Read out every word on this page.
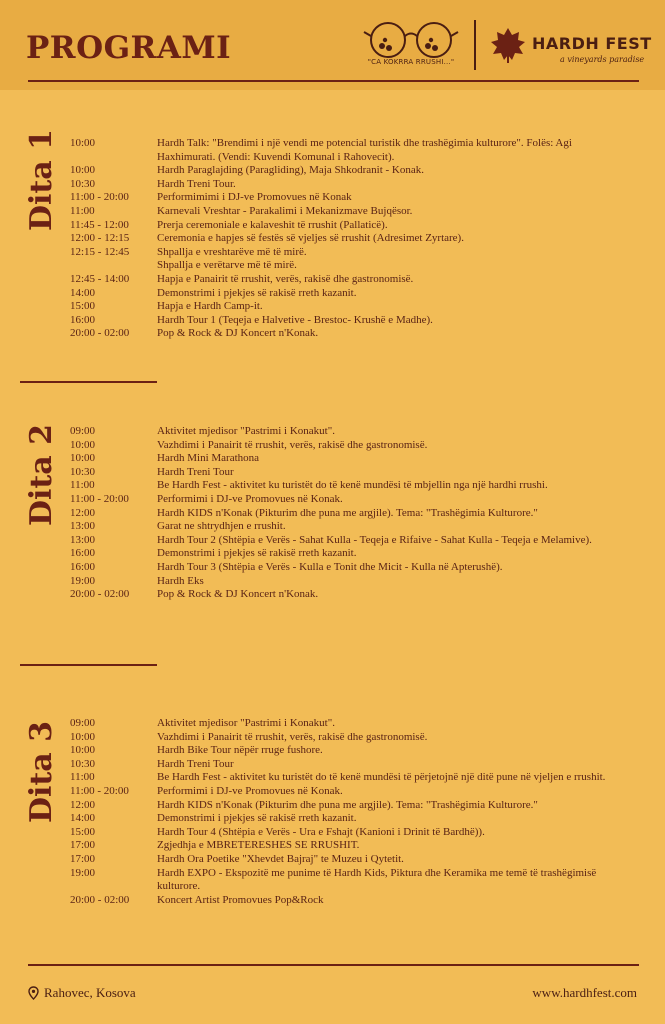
PROGRAMI	"CA KOKRRA RRUSHI..."
HARDH FEST
a vineyards paradise
Dita 1 10:00	Hardh Talk: "Brendimi i një vendi me potencial turistik dhe trashëgimia kulturore". Folës: Agi Haxhimurati. (Vendi: Kuvendi Komunal i Rahovecit).
10:00	Hardh Paraglajding (Paragliding), Maja Shkodranit - Konak.
10:30	Hardh Treni Tour.
11:00 - 20:00	Performimimi i DJ-ve Promovues në Konak
11:00	Karnevali Vreshtar - Parakalimi i Mekanizmave Bujqësor.
11:45 - 12:00	Prerja ceremoniale e kalaveshit të rrushit (Pallaticë).
12:00 - 12:15	Ceremonia e hapjes së festës së vjeljes së rrushit (Adresimet Zyrtare).
12:15 - 12:45	Shpallja e vreshtarëve më të mirë.
Shpallja e verëtarve më të mirë.
12:45 - 14:00	Hapja e Panairit të rrushit, verës, rakisë dhe gastronomisë.
14:00	Demonstrimi i pjekjes së rakisë rreth kazanit.
15:00	Hapja e Hardh Camp-it.
16:00	Hardh Tour 1 (Teqeja e Halvetive - Brestoc- Krushë e Madhe).
20:00 - 02:00	Pop & Rock & DJ Koncert n'Konak.
Dita 2 09:00	Aktivitet mjedisor "Pastrimi i Konakut".
10:00	Vazhdimi i Panairit të rrushit, verës, rakisë dhe gastronomisë.
10:00	Hardh Mini Marathona
10:30	Hardh Treni Tour
11:00	Be Hardh Fest - aktivitet ku turistët do të kenë mundësi të mbjellin nga një hardhi rrushi.
11:00 - 20:00	Performimi i DJ-ve Promovues në Konak.
12:00	Hardh KIDS n'Konak (Pikturim dhe puna me argjile). Tema: "Trashëgimia Kulturore."
13:00	Garat ne shtrydhjen e rrushit.
13:00	Hardh Tour 2 (Shtëpia e Verës - Sahat Kulla - Teqeja e Rifaive - Sahat Kulla - Teqeja e Melamive).
16:00	Demonstrimi i pjekjes së rakisë rreth kazanit.
16:00	Hardh Tour 3 (Shtëpia e Verës - Kulla e Tonit dhe Micit - Kulla në Apterushë).
19:00	Hardh Eks
20:00 - 02:00	Pop & Rock & DJ Koncert n'Konak.
Dita 3 09:00	Aktivitet mjedisor "Pastrimi i Konakut".
10:00	Vazhdimi i Panairit të rrushit, verës, rakisë dhe gastronomisë.
10:00	Hardh Bike Tour nëpër rruge fushore.
10:30	Hardh Treni Tour
11:00	Be Hardh Fest - aktivitet ku turistët do të kenë mundësi të përjetojnë një ditë pune në vjeljen e rrushit.
11:00 - 20:00	Performimi i DJ-ve Promovues në Konak.
12:00	Hardh KIDS n'Konak (Pikturim dhe puna me argjile). Tema: "Trashëgimia Kulturore."
14:00	Demonstrimi i pjekjes së rakisë rreth kazanit.
15:00	Hardh Tour 4 (Shtëpia e Verës - Ura e Fshajt (Kanioni i Drinit të Bardhë)).
17:00	Zgjedhja e MBRETERESHES SE RRUSHIT.
17:00	Hardh Ora Poetike "Xhevdet Bajraj" te Muzeu i Qytetit.
19:00	Hardh EXPO - Ekspozitë me punime të Hardh Kids, Piktura dhe Keramika me temë të trashëgimisë kulturore.
20:00 - 02:00	Koncert Artist Promovues Pop&Rock
Rahovec, Kosova	www.hardhfest.com
